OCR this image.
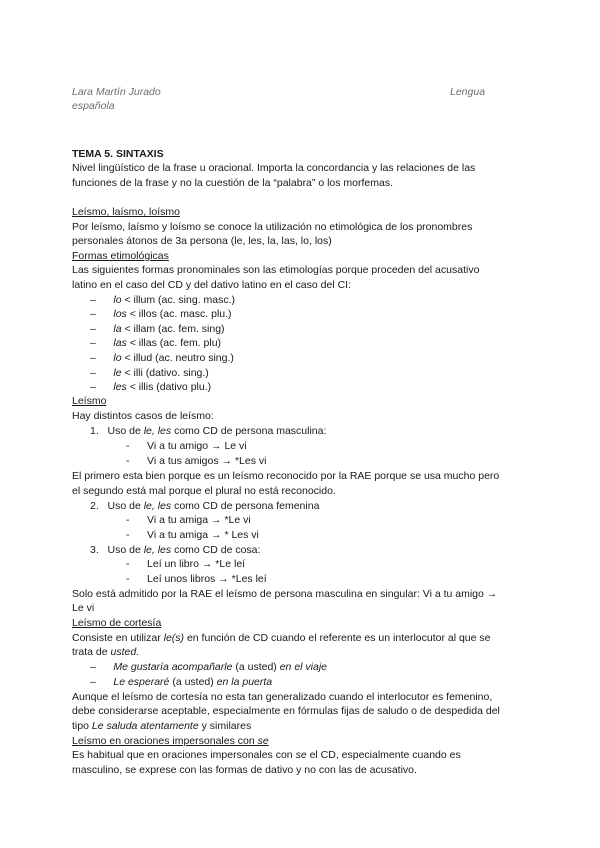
Lara Martín Jurado	Lengua
española
TEMA 5. SINTAXIS
Nivel lingüístico de la frase u oracional. Importa la concordancia y las relaciones de las
funciones de la frase y no la cuestión de la “palabra” o los morfemas.
Leísmo, laísmo, loísmo
Por leísmo, laísmo y loísmo se conoce la utilización no etimológica de los pronombres
personales átonos de 3a persona (le, les, la, las, lo, los)
Formas etimológicas
Las siguientes formas pronominales son las etimologías porque proceden del acusativo
latino en el caso del CD y del dativo latino en el caso del CI:
– lo < illum (ac. sing. masc.)
– los < illos (ac. masc. plu.)
– la < illam (ac. fem. sing)
– las < illas (ac. fem. plu)
– lo < illud (ac. neutro sing.)
– le < illi (dativo. sing.)
– les < illis (dativo plu.)
Leísmo
Hay distintos casos de leísmo:
1. Uso de le, les como CD de persona masculina:
- Vi a tu amigo → Le vi
- Vi a tus amigos → *Les vi
El primero esta bien porque es un leísmo reconocido por la RAE porque se usa mucho pero
el segundo está mal porque el plural no está reconocido.
2. Uso de le, les como CD de persona femenina
- Vi a tu amiga → *Le vi
- Vi a tu amiga → * Les vi
3. Uso de le, les como CD de cosa:
- Leí un libro → *Le leí
- Leí unos libros → *Les leí
Solo está admitido por la RAE el leísmo de persona masculina en singular: Vi a tu amigo →
Le vi
Leísmo de cortesía
Consiste en utilizar le(s) en función de CD cuando el referente es un interlocutor al que se
trata de usted.
– Me gustaría acompañarle (a usted) en el viaje
– Le esperaré (a usted) en la puerta
Aunque el leísmo de cortesía no esta tan generalizado cuando el interlocutor es femenino,
debe considerarse aceptable, especialmente en fórmulas fijas de saludo o de despedida del
tipo Le saluda atentamente y similares
Leísmo en oraciones impersonales con se
Es habitual que en oraciones impersonales con se el CD, especialmente cuando es
masculino, se exprese con las formas de dativo y no con las de acusativo.
